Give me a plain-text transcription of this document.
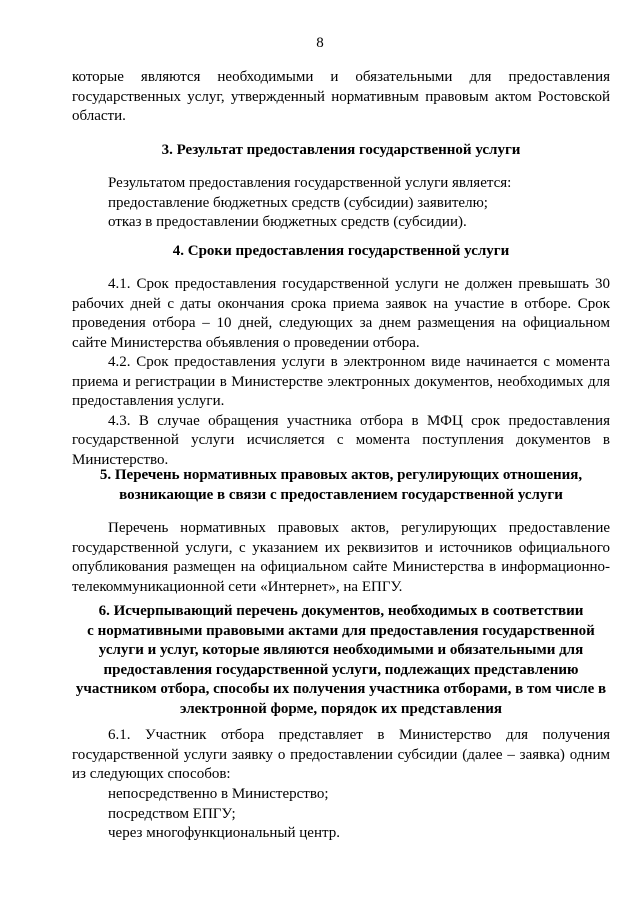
8

которые являются необходимыми и обязательными для предоставления государственных услуг, утвержденный нормативным правовым актом Ростовской области.

3. Результат предоставления государственной услуги

Результатом предоставления государственной услуги является:

предоставление бюджетных средств (субсидии) заявителю;

отказ в предоставлении бюджетных средств (субсидии).

4. Сроки предоставления государственной услуги

4.1. Срок предоставления государственной услуги не должен превышать 30 рабочих дней с даты окончания срока приема заявок на участие в отборе. Срок проведения отбора – 10 дней, следующих за днем размещения на официальном сайте Министерства объявления о проведении отбора.

4.2. Срок предоставления услуги в электронном виде начинается с момента приема и регистрации в Министерстве электронных документов, необходимых для предоставления услуги.

4.3. В случае обращения участника отбора в МФЦ срок предоставления государственной услуги исчисляется с момента поступления документов в Министерство.

5. Перечень нормативных правовых актов, регулирующих отношения,

возникающие в связи с предоставлением государственной услуги

Перечень нормативных правовых актов, регулирующих предоставление государственной услуги, с указанием их реквизитов и источников официального опубликования размещен на официальном сайте Министерства в информационно-телекоммуникационной сети «Интернет», на ЕПГУ.

6. Исчерпывающий перечень документов, необходимых в соответствии

с нормативными правовыми актами для предоставления государственной

услуги и услуг, которые являются необходимыми и обязательными для

предоставления государственной услуги, подлежащих представлению

участником отбора, способы их получения участника отборами, в том числе в

электронной форме, порядок их представления

6.1. Участник отбора представляет в Министерство для получения государственной услуги заявку о предоставлении субсидии (далее – заявка) одним из следующих способов:

непосредственно в Министерство;

посредством ЕПГУ;

через многофункциональный центр.
